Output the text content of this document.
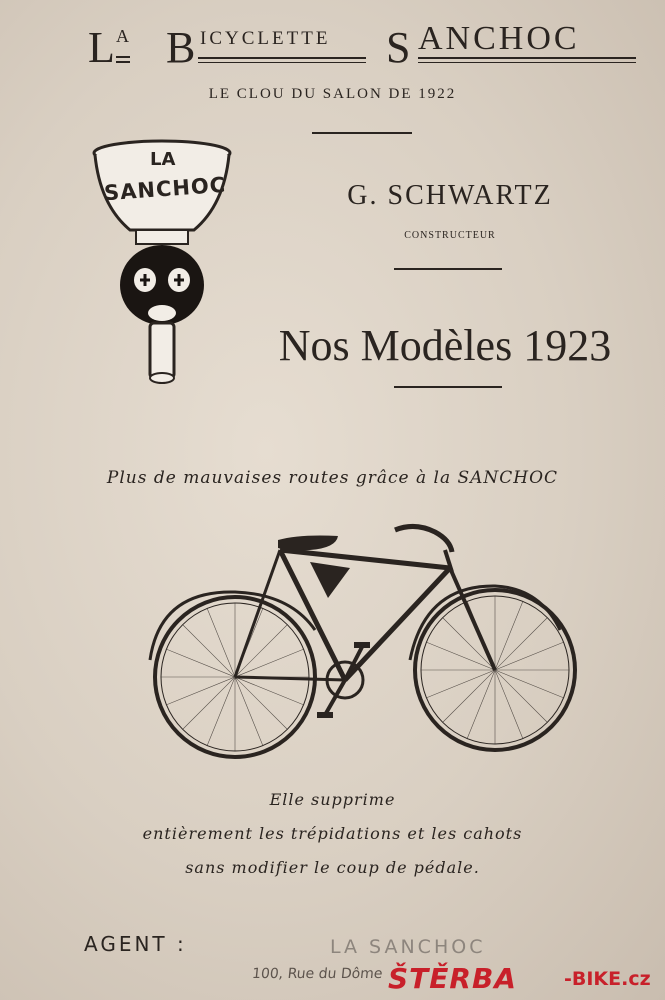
L A B ICYCLETTE S ANCHOC
LE CLOU DU SALON DE 1922
LA
SANCHOC	G. SCHWARTZ
CONSTRUCTEUR
Nos Modèles 1923
Plus de mauvaises routes grâce à la SANCHOC
Elle supprime
entièrement les trépidations et les cahots
sans modifier le coup de pédale.
AGENT :	LA SANCHOC
100, Rue du Dôme ŠTĚRBA -BIKE.cz
